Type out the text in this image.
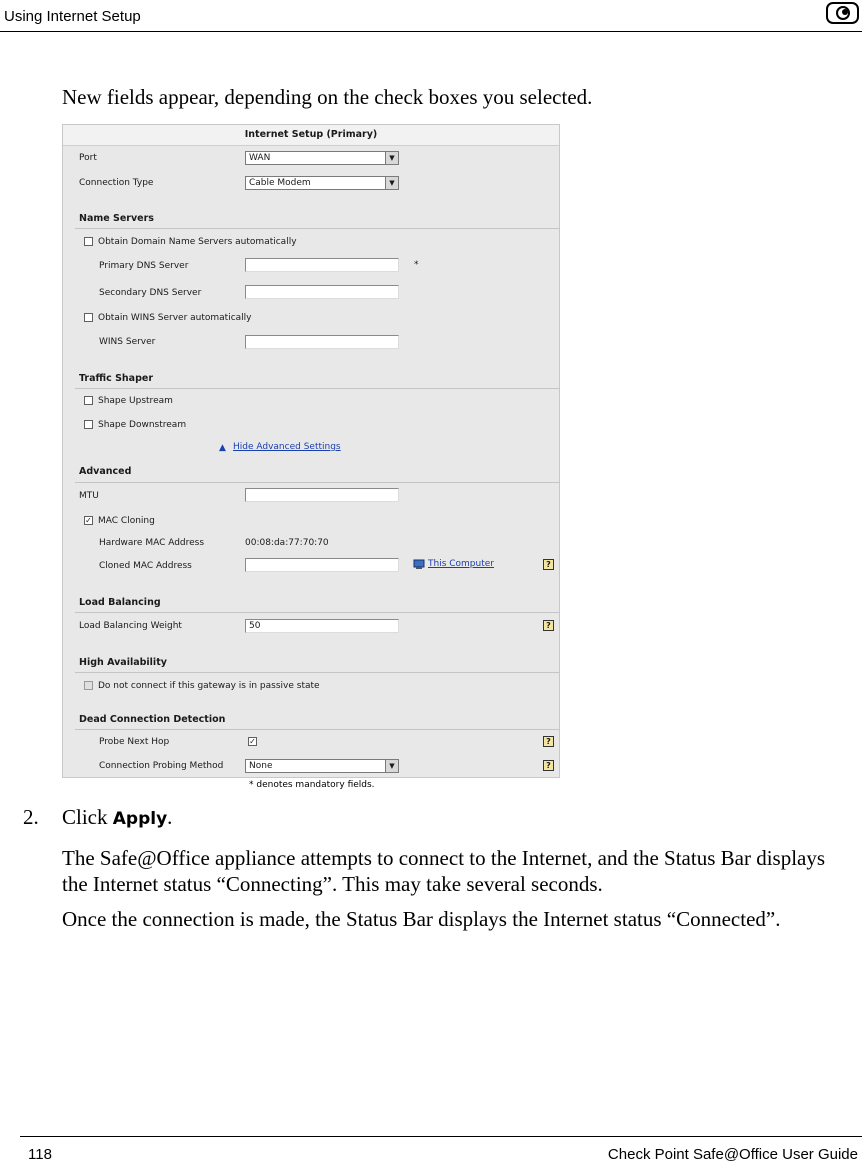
Using Internet Setup
New fields appear, depending on the check boxes you selected.
Internet Setup (Primary)
Port	WAN	▼
Connection Type	Cable Modem	▼
Name Servers
Obtain Domain Name Servers automatically
Primary DNS Server	*
Secondary DNS Server
Obtain WINS Server automatically
WINS Server
Traffic Shaper
Shape Upstream
Shape Downstream
▲ Hide Advanced Settings
Advanced
MTU
✓ MAC Cloning
Hardware MAC Address	00:08:da:77:70:70
Cloned MAC Address	This Computer	?
Load Balancing
Load Balancing Weight	50	?
High Availability
Do not connect if this gateway is in passive state
Dead Connection Detection
Probe Next Hop	✓	?
Connection Probing Method	None	▼	?
* denotes mandatory fields.
2. Click Apply.
The Safe@Office appliance attempts to connect to the Internet, and the Status Bar displays the Internet status “Connecting”. This may take several seconds.
Once the connection is made, the Status Bar displays the Internet status “Connected”.
118	Check Point Safe@Office User Guide
